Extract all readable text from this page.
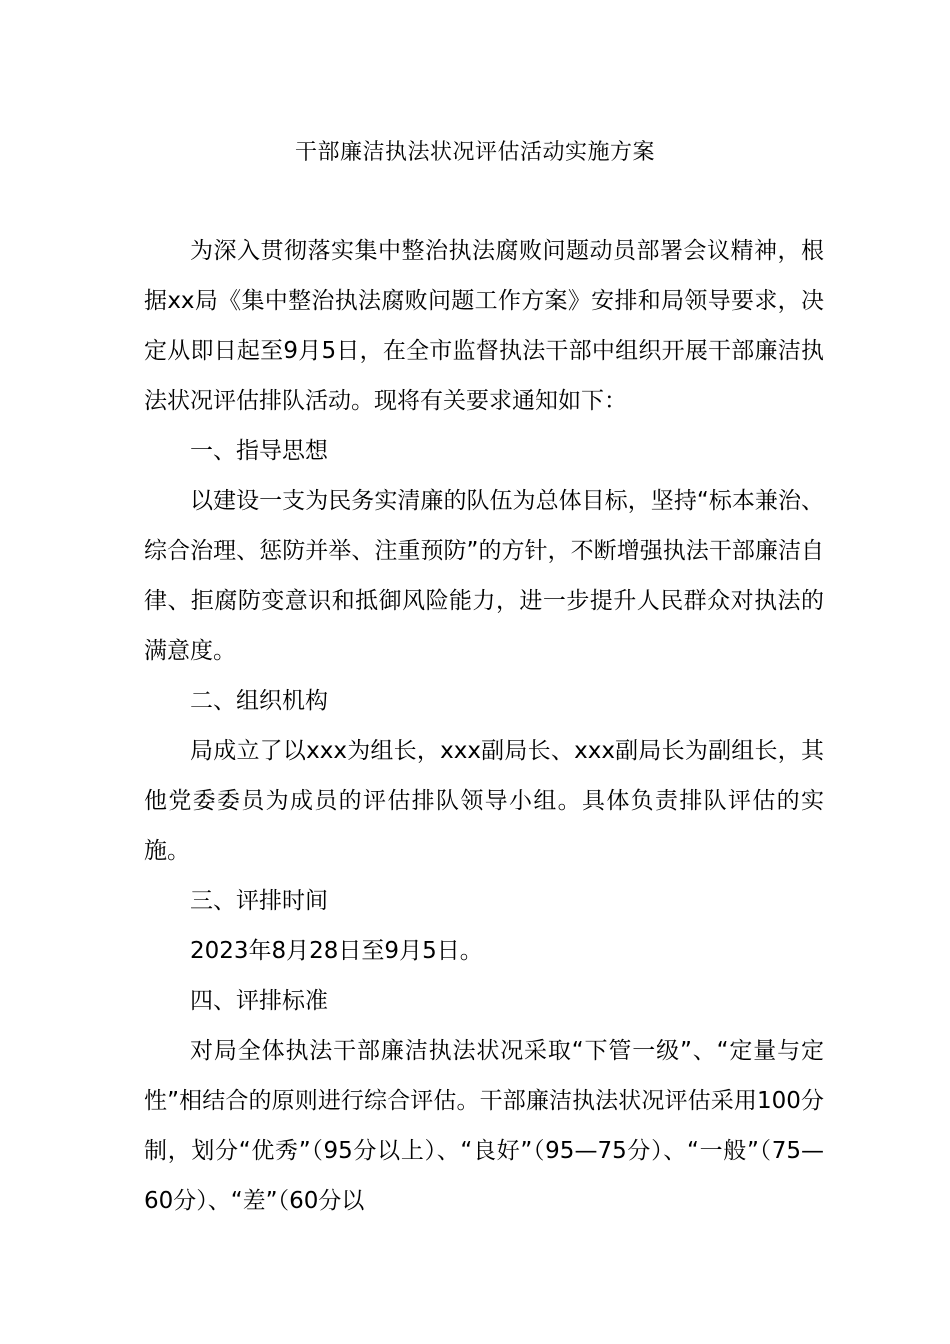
干部廉洁执法状况评估活动实施方案

为深入贯彻落实集中整治执法腐败问题动员部署会议精神，根据xx局《集中整治执法腐败问题工作方案》安排和局领导要求，决定从即日起至9月5日，在全市监督执法干部中组织开展干部廉洁执法状况评估排队活动。现将有关要求通知如下：

一、指导思想

以建设一支为民务实清廉的队伍为总体目标，坚持“标本兼治、综合治理、惩防并举、注重预防”的方针，不断增强执法干部廉洁自律、拒腐防变意识和抵御风险能力，进一步提升人民群众对执法的满意度。

二、组织机构

局成立了以xxx为组长，xxx副局长、xxx副局长为副组长，其他党委委员为成员的评估排队领导小组。具体负责排队评估的实施。

三、评排时间

2023年8月28日至9月5日。

四、评排标准

对局全体执法干部廉洁执法状况采取“下管一级”、“定量与定性”相结合的原则进行综合评估。干部廉洁执法状况评估采用100分制，划分“优秀”（95分以上）、“良好”（95—75分）、“一般”（75—60分）、“差”（60分以
